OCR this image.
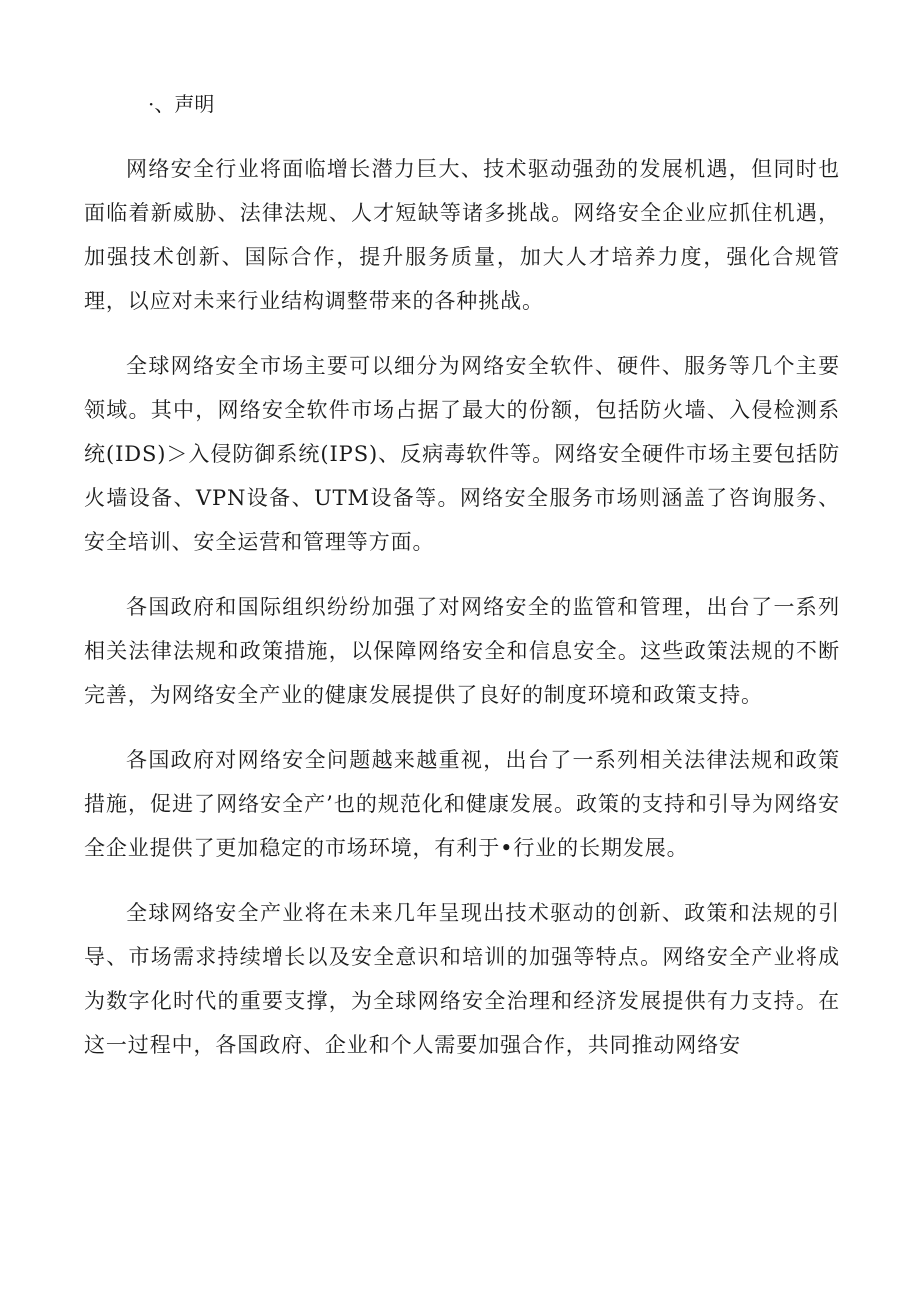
·、声明

网络安全行业将面临增长潜力巨大、技术驱动强劲的发展机遇，但同时也面临着新威胁、法律法规、人才短缺等诸多挑战。网络安全企业应抓住机遇，加强技术创新、国际合作，提升服务质量，加大人才培养力度，强化合规管理，以应对未来行业结构调整带来的各种挑战。

全球网络安全市场主要可以细分为网络安全软件、硬件、服务等几个主要领域。其中，网络安全软件市场占据了最大的份额，包括防火墙、入侵检测系统(IDS)＞入侵防御系统(IPS)、反病毒软件等。网络安全硬件市场主要包括防火墙设备、VPN设备、UTM设备等。网络安全服务市场则涵盖了咨询服务、安全培训、安全运营和管理等方面。

各国政府和国际组织纷纷加强了对网络安全的监管和管理，出台了一系列相关法律法规和政策措施，以保障网络安全和信息安全。这些政策法规的不断完善，为网络安全产业的健康发展提供了良好的制度环境和政策支持。

各国政府对网络安全问题越来越重视，出台了一系列相关法律法规和政策措施，促进了网络安全产’也的规范化和健康发展。政策的支持和引导为网络安全企业提供了更加稳定的市场环境，有利于•行业的长期发展。

全球网络安全产业将在未来几年呈现出技术驱动的创新、政策和法规的引导、市场需求持续增长以及安全意识和培训的加强等特点。网络安全产业将成为数字化时代的重要支撑，为全球网络安全治理和经济发展提供有力支持。在这一过程中，各国政府、企业和个人需要加强合作，共同推动网络安
